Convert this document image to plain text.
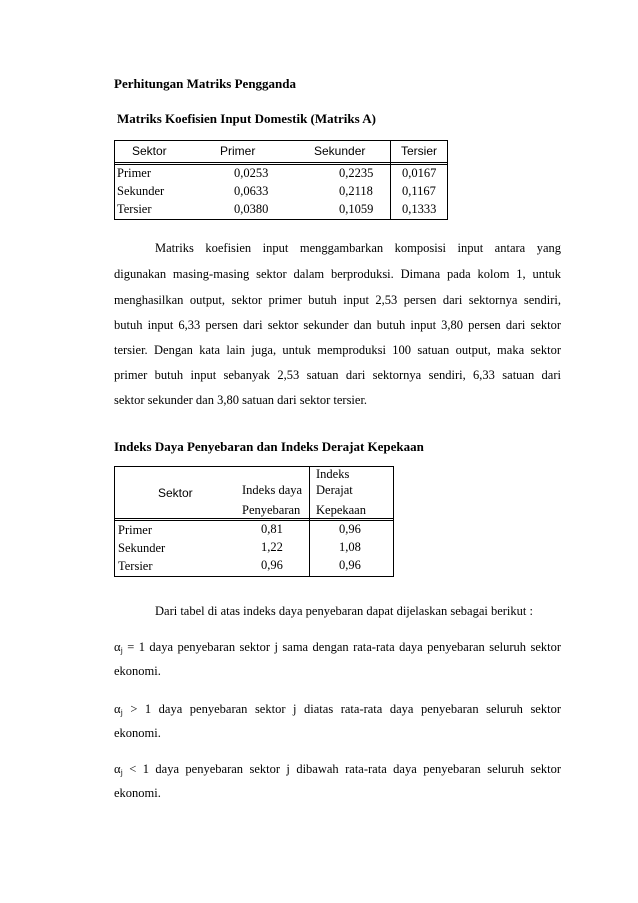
Perhitungan Matriks Pengganda
Matriks Koefisien Input Domestik (Matriks A)
Sektor	Primer	Sekunder	Tersier
Primer	0,0253	0,2235 0,0167
Sekunder	0,0633	0,2118 0,1167
Tersier	0,0380	0,1059 0,1333
Matriks koefisien input menggambarkan komposisi input antara yang
digunakan masing-masing sektor dalam berproduksi. Dimana pada kolom 1, untuk
menghasilkan output, sektor primer butuh input 2,53 persen dari sektornya sendiri,
butuh input 6,33 persen dari sektor sekunder dan butuh input 3,80 persen dari sektor
tersier. Dengan kata lain juga, untuk memproduksi 100 satuan output, maka sektor
primer butuh input sebanyak 2,53 satuan dari sektornya sendiri, 6,33 satuan dari
sektor sekunder dan 3,80 satuan dari sektor tersier.
Indeks Daya Penyebaran dan Indeks Derajat Kepekaan
Sektor	Indeks daya
Penyebaran
Indeks
Derajat
Kepekaan
Primer	0,81	0,96
Sekunder	1,22	1,08
Tersier	0,96	0,96
Dari tabel di atas indeks daya penyebaran dapat dijelaskan sebagai berikut :
$\alpha_j = 1$ daya penyebaran sektor j sama dengan rata-rata daya penyebaran seluruh sektor
ekonomi.
$\alpha_j > 1$ daya penyebaran sektor j diatas rata-rata daya penyebaran seluruh sektor
ekonomi.
$\alpha_j < 1$ daya penyebaran sektor j dibawah rata-rata daya penyebaran seluruh sektor
ekonomi.
